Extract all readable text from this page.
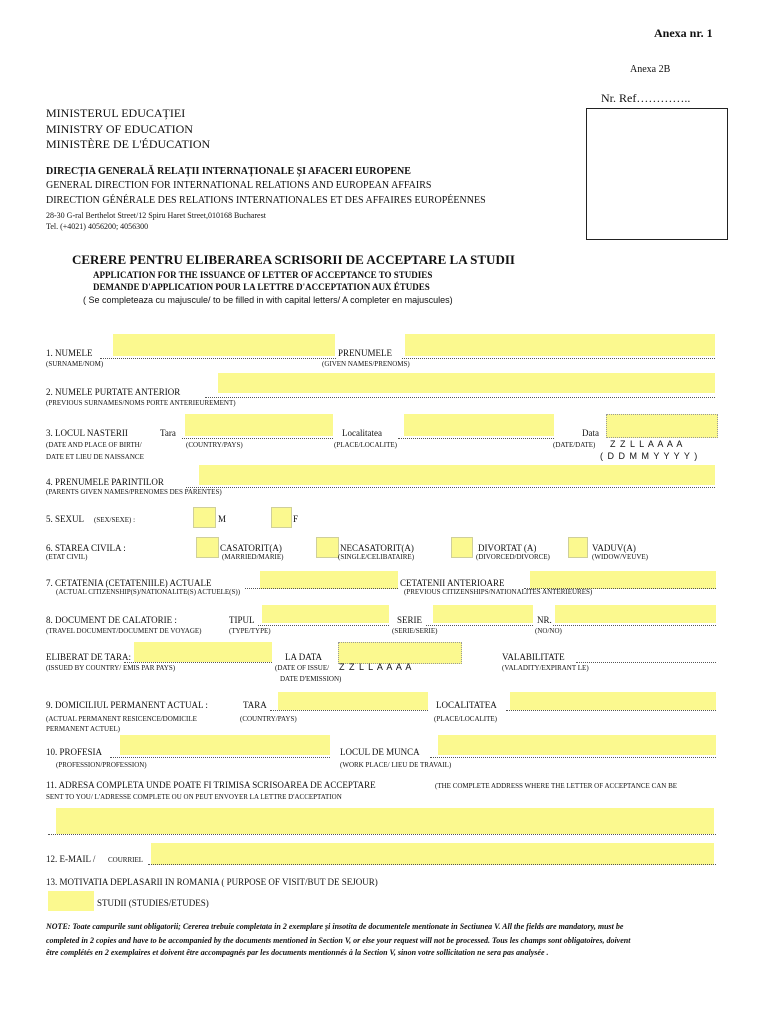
Anexa nr. 1
Anexa 2B
Nr. Ref…………..
MINISTERUL EDUCAȚIEI
MINISTRY OF EDUCATION
MINISTÈRE DE L'ÉDUCATION
DIRECȚIA GENERALĂ RELAȚII INTERNAȚIONALE ȘI AFACERI EUROPENE
GENERAL DIRECTION FOR INTERNATIONAL RELATIONS AND EUROPEAN AFFAIRS
DIRECTION GÉNÉRALE DES RELATIONS INTERNATIONALES ET DES AFFAIRES EUROPÉENNES
28-30 G-ral Berthelot Street/12 Spiru Haret Street,010168 Bucharest
Tel. (+4021) 4056200; 4056300
CERERE PENTRU ELIBERAREA SCRISORII DE ACCEPTARE LA STUDII
APPLICATION FOR THE ISSUANCE OF LETTER OF ACCEPTANCE TO STUDIES
DEMANDE D'APPLICATION POUR LA LETTRE D'ACCEPTATION AUX ÉTUDES
( Se completeaza cu majuscule/ to be filled in with capital letters/ A completer en majuscules)
1. NUMELE	PRENUMELE
(SURNAME/NOM)	(GIVEN NAMES/PRENOMS)
2. NUMELE PURTATE ANTERIOR
(PREVIOUS SURNAMES/NOMS PORTE ANTERIEUREMENT)
3. LOCUL NASTERII	Tara	Localitatea	Data
(DATE AND PLACE OF BIRTH/	(COUNTRY/PAYS)	(PLACE/LOCALITE)	(DATE/DATE) Z Z L L A A A A
DATE ET LIEU DE NAISSANCE	( D D M M Y Y Y Y )
4. PRENUMELE PARINTILOR
(PARENTS GIVEN NAMES/PRENOMES DES PARENTES)
5. SEXUL (SEX/SEXE) :	M	F
6. STAREA CIVILA :
(ETAT CIVIL)
CASATORIT(A)
(MARRIED/MARIE)
NECASATORIT(A)
(SINGLE/CELIBATAIRE)
DIVORTAT (A)
(DIVORCED/DIVORCE)
VADUV(A)
(WIDOW/VEUVE)
7. CETATENIA (CETATENIILE) ACTUALE	CETATENII ANTERIOARE
(ACTUAL CITIZENSHIP(S)/NATIONALITE(S) ACTUELE(S))	(PREVIOUS CITIZENSHIPS/NATIONALITES ANTERIEURES)
8. DOCUMENT DE CALATORIE :	TIPUL	SERIE	NR.
(TRAVEL DOCUMENT/DOCUMENT DE VOYAGE)	(TYPE/TYPE)	(SERIE/SERIE)	(NO/NO)
ELIBERAT DE TARA:	LA DATA	VALABILITATE
(ISSUED BY COUNTRY/ EMIS PAR PAYS)	(DATE OF ISSUE/ Z Z L L A A A A	(VALADITY/EXPIRANT LE)
DATE D'EMISSION)
9. DOMICILIUL PERMANENT ACTUAL :	TARA	LOCALITATEA
(ACTUAL PERMANENT RESICENCE/DOMICILE	(COUNTRY/PAYS)	(PLACE/LOCALITE)
PERMANENT ACTUEL)
10. PROFESIA	LOCUL DE MUNCA
(PROFESSION/PROFESSION)	(WORK PLACE/ LIEU DE TRAVAIL)
11. ADRESA COMPLETA UNDE POATE FI TRIMISA SCRISOAREA DE ACCEPTARE	(THE COMPLETE ADDRESS WHERE THE LETTER OF ACCEPTANCE CAN BE
SENT TO YOU/ L'ADRESSE COMPLETE OU ON PEUT ENVOYER LA LETTRE D'ACCEPTATION
12. E-MAIL / COURRIEL
13. MOTIVATIA DEPLASARII IN ROMANIA ( PURPOSE OF VISIT/BUT DE SEJOUR)
STUDII (STUDIES/ETUDES)
NOTE: Toate campurile sunt obligatorii; Cererea trebuie completata in 2 exemplare și insotita de documentele mentionate in Sectiunea V. All the fields are mandatory, must be
completed in 2 copies and have to be accompanied by the documents mentioned in Section V, or else your request will not be processed. Tous les champs sont obligatoires, doivent
être complétés en 2 exemplaires et doivent être accompagnés par les documents mentionnés à la Section V, sinon votre sollicitation ne sera pas analysée .
